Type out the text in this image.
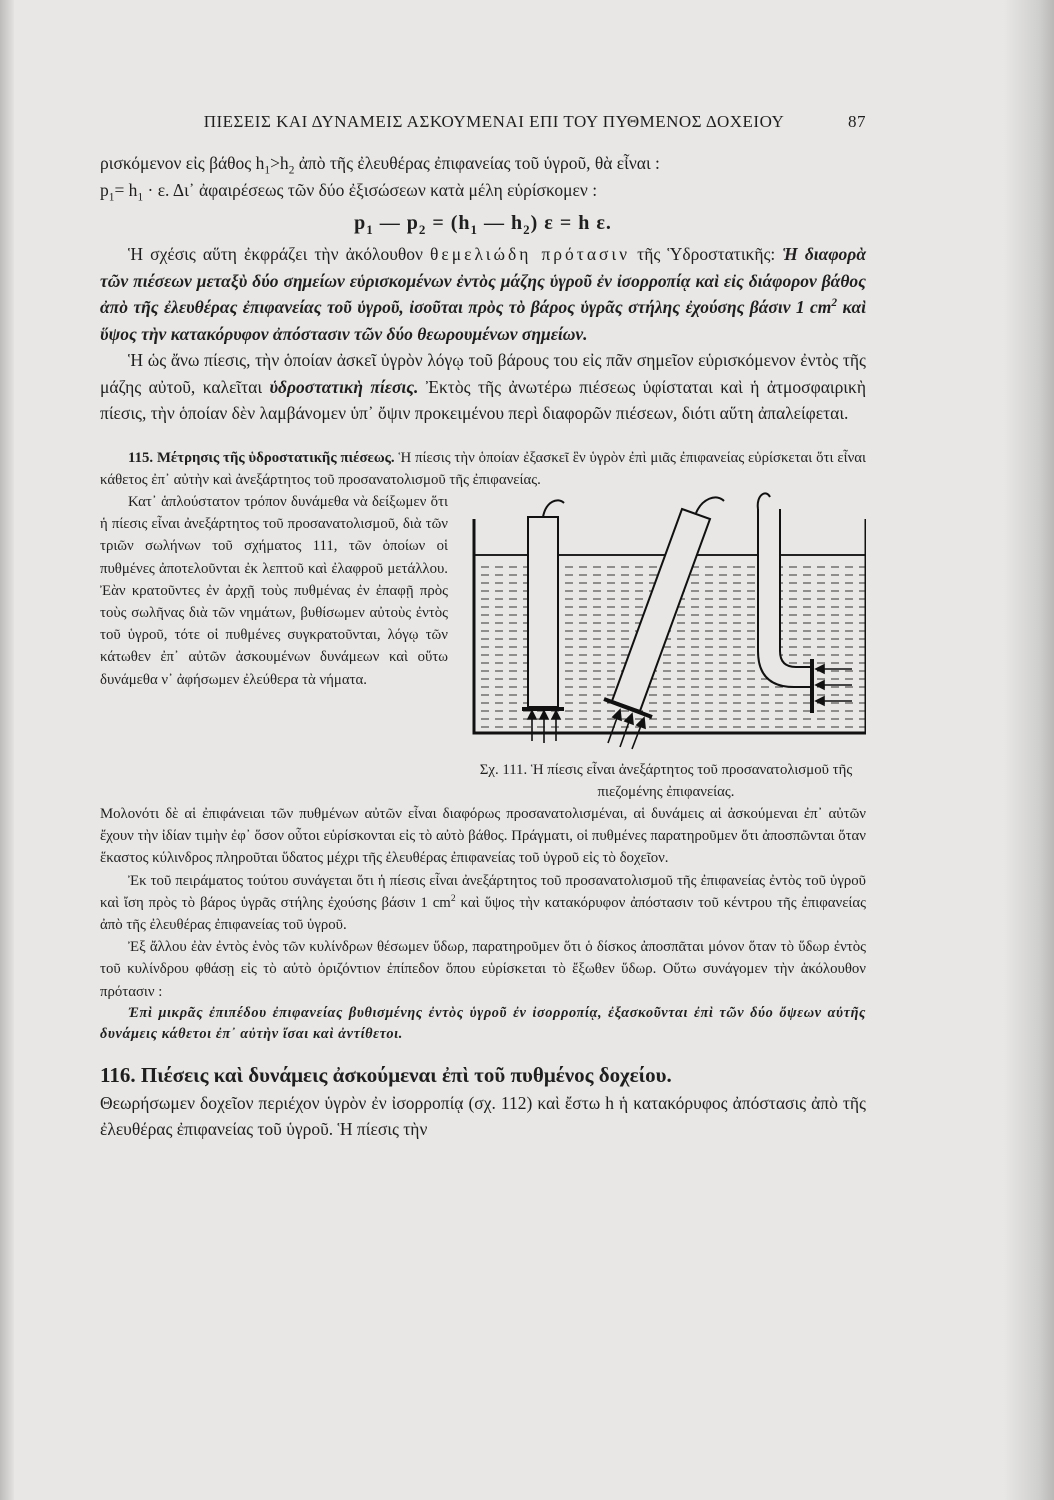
ΠΙΕΣΕΙΣ ΚΑΙ ΔΥΝΑΜΕΙΣ ΑΣΚΟΥΜΕΝΑΙ ΕΠΙ ΤΟΥ ΠΥΘΜΕΝΟΣ ΔΟΧΕΙΟΥ	87

ρισκόμενον εἰς βάθος $h_1>h_2$ ἀπὸ τῆς ἐλευθέρας ἐπιφανείας τοῦ ὑγροῦ, θὰ εἶναι :

$p_1= h_1 \cdot \varepsilon$. Δι᾽ ἀφαιρέσεως τῶν δύο ἐξισώσεων κατὰ μέλη εὑρίσκομεν :

$p_1$ — $p_2 = (h_1$ — $h_2$) ε = h ε.

Ἡ σχέσις αὕτη ἐκφράζει τὴν ἀκόλουθον θεμελιώδη πρότασιν τῆς Ὑδροστατικῆς: Ἡ διαφορὰ τῶν πιέσεων μεταξὺ δύο σημείων εὑρισκομένων ἐντὸς μάζης ὑγροῦ ἐν ἰσορροπίᾳ καὶ εἰς διάφορον βάθος ἀπὸ τῆς ἐλευθέρας ἐπιφανείας τοῦ ὑγροῦ, ἰσοῦται πρὸς τὸ βάρος ὑγρᾶς στήλης ἐχούσης βάσιν 1 $cm^2$ καὶ ὕψος τὴν κατακόρυφον ἀπόστασιν τῶν δύο θεωρουμένων σημείων.

Ἡ ὡς ἄνω πίεσις, τὴν ὁποίαν ἀσκεῖ ὑγρὸν λόγῳ τοῦ βάρους του εἰς πᾶν σημεῖον εὑρισκόμενον ἐντὸς τῆς μάζης αὐτοῦ, καλεῖται ὑδροστατικὴ πίεσις. Ἐκτὸς τῆς ἀνωτέρω πιέσεως ὑφίσταται καὶ ἡ ἀτμοσφαιρικὴ πίεσις, τὴν ὁποίαν δὲν λαμβάνομεν ὑπ᾽ ὄψιν προκειμένου περὶ διαφορῶν πιέσεων, διότι αὕτη ἀπαλείφεται.

115. Μέτρησις τῆς ὑδροστατικῆς πιέσεως. Ἡ πίεσις τὴν ὁποίαν ἐξασκεῖ ἓν ὑγρὸν ἐπὶ μιᾶς ἐπιφανείας εὑρίσκεται ὅτι εἶναι κάθετος ἐπ᾽ αὐτὴν καὶ ἀνεξάρτητος τοῦ προσανατολισμοῦ τῆς ἐπιφανείας.

Κατ᾽ ἁπλούστατον τρόπον δυνάμεθα νὰ δείξωμεν ὅτι ἡ πίεσις εἶναι ἀνεξάρτητος τοῦ προσανατολισμοῦ, διὰ τῶν τριῶν σωλήνων τοῦ σχήματος 111, τῶν ὁποίων οἱ πυθμένες ἀποτελοῦνται ἐκ λεπτοῦ καὶ ἐλαφροῦ μετάλλου. Ἐὰν κρατοῦντες ἐν ἀρχῇ τοὺς πυθμένας ἐν ἐπαφῇ πρὸς τοὺς σωλῆνας διὰ τῶν νημάτων, βυθίσωμεν αὐτοὺς ἐντὸς τοῦ ὑγροῦ, τότε οἱ πυθμένες συγκρατοῦνται, λόγῳ τῶν κάτωθεν ἐπ᾽ αὐτῶν ἀσκουμένων δυνάμεων καὶ οὕτω δυνάμεθα ν᾽ ἀφήσωμεν ἐλεύθερα τὰ νήματα.

Σχ. 111. Ἡ πίεσις εἶναι ἀνεξάρτητος τοῦ προσανατολισμοῦ τῆς πιεζομένης ἐπιφανείας.

Μολονότι δὲ αἱ ἐπιφάνειαι τῶν πυθμένων αὐτῶν εἶναι διαφόρως προσανατολισμέναι, αἱ δυνάμεις αἱ ἀσκούμεναι ἐπ᾽ αὐτῶν ἔχουν τὴν ἰδίαν τιμὴν ἐφ᾽ ὅσον οὗτοι εὑρίσκονται εἰς τὸ αὐτὸ βάθος. Πράγματι, οἱ πυθμένες παρατηροῦμεν ὅτι ἀποσπῶνται ὅταν ἕκαστος κύλινδρος πληροῦται ὕδατος μέχρι τῆς ἐλευθέρας ἐπιφανείας τοῦ ὑγροῦ εἰς τὸ δοχεῖον.

Ἐκ τοῦ πειράματος τούτου συνάγεται ὅτι ἡ πίεσις εἶναι ἀνεξάρτητος τοῦ προσανατολισμοῦ τῆς ἐπιφανείας ἐντὸς τοῦ ὑγροῦ καὶ ἴση πρὸς τὸ βάρος ὑγρᾶς στήλης ἐχούσης βάσιν 1 $cm^2$ καὶ ὕψος τὴν κατακόρυφον ἀπόστασιν τοῦ κέντρου τῆς ἐπιφανείας ἀπὸ τῆς ἐλευθέρας ἐπιφανείας τοῦ ὑγροῦ.

Ἐξ ἄλλου ἐὰν ἐντὸς ἑνὸς τῶν κυλίνδρων θέσωμεν ὕδωρ, παρατηροῦμεν ὅτι ὁ δίσκος ἀποσπᾶται μόνον ὅταν τὸ ὕδωρ ἐντὸς τοῦ κυλίνδρου φθάσῃ εἰς τὸ αὐτὸ ὁριζόντιον ἐπίπεδον ὅπου εὑρίσκεται τὸ ἔξωθεν ὕδωρ. Οὕτω συνάγομεν τὴν ἀκόλουθον πρότασιν :

Ἐπὶ μικρᾶς ἐπιπέδου ἐπιφανείας βυθισμένης ἐντὸς ὑγροῦ ἐν ἰσορροπίᾳ, ἐξασκοῦνται ἐπὶ τῶν δύο ὄψεων αὐτῆς δυνάμεις κάθετοι ἐπ᾽ αὐτὴν ἴσαι καὶ ἀντίθετοι.

116. Πιέσεις καὶ δυνάμεις ἀσκούμεναι ἐπὶ τοῦ πυθμένος δοχείου.

Θεωρήσωμεν δοχεῖον περιέχον ὑγρὸν ἐν ἰσορροπίᾳ (σχ. 112) καὶ ἔστω h ἡ κατακόρυφος ἀπόστασις ἀπὸ τῆς ἐλευθέρας ἐπιφανείας τοῦ ὑγροῦ. Ἡ πίεσις τὴν
